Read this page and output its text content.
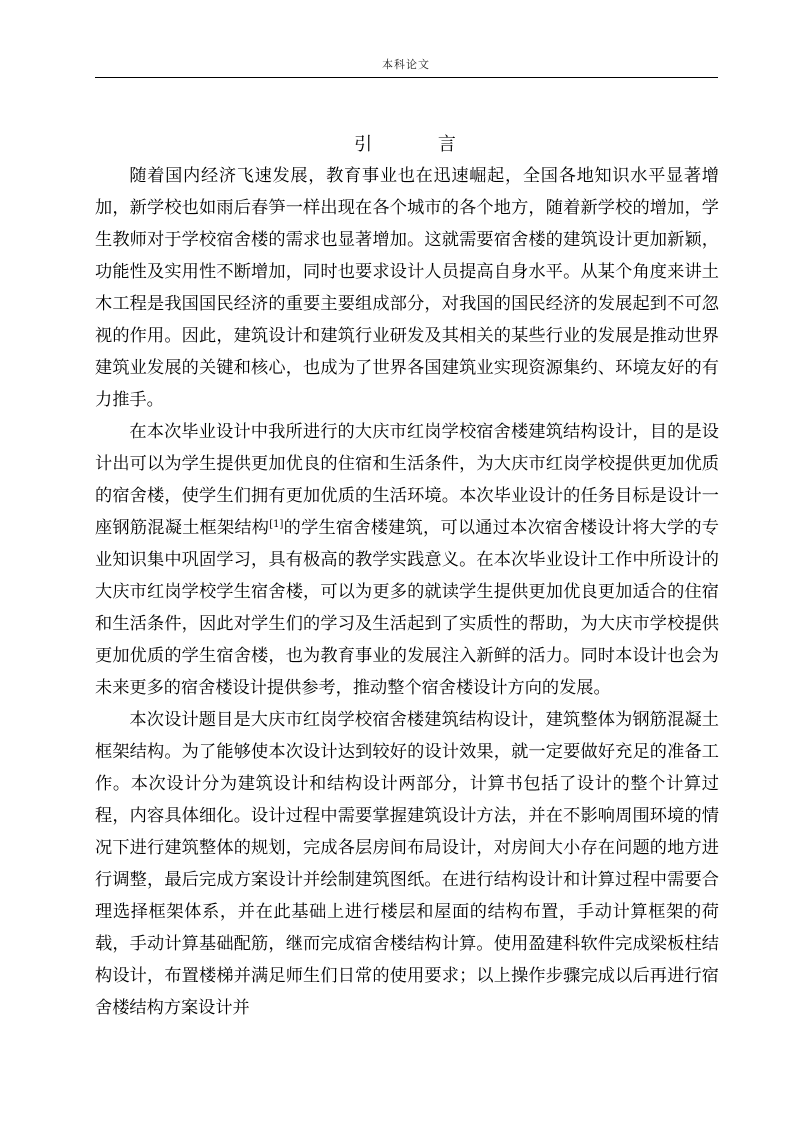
本科论文
引 言

随着国内经济飞速发展，教育事业也在迅速崛起，全国各地知识水平显著增加，新学校也如雨后春笋一样出现在各个城市的各个地方，随着新学校的增加，学生教师对于学校宿舍楼的需求也显著增加。这就需要宿舍楼的建筑设计更加新颖，功能性及实用性不断增加，同时也要求设计人员提高自身水平。从某个角度来讲土木工程是我国国民经济的重要主要组成部分，对我国的国民经济的发展起到不可忽视的作用。因此，建筑设计和建筑行业研发及其相关的某些行业的发展是推动世界建筑业发展的关键和核心，也成为了世界各国建筑业实现资源集约、环境友好的有力推手。

在本次毕业设计中我所进行的大庆市红岗学校宿舍楼建筑结构设计，目的是设计出可以为学生提供更加优良的住宿和生活条件，为大庆市红岗学校提供更加优质的宿舍楼，使学生们拥有更加优质的生活环境。本次毕业设计的任务目标是设计一座钢筋混凝土框架结构[1]的学生宿舍楼建筑，可以通过本次宿舍楼设计将大学的专业知识集中巩固学习，具有极高的教学实践意义。在本次毕业设计工作中所设计的大庆市红岗学校学生宿舍楼，可以为更多的就读学生提供更加优良更加适合的住宿和生活条件，因此对学生们的学习及生活起到了实质性的帮助，为大庆市学校提供更加优质的学生宿舍楼，也为教育事业的发展注入新鲜的活力。同时本设计也会为未来更多的宿舍楼设计提供参考，推动整个宿舍楼设计方向的发展。

本次设计题目是大庆市红岗学校宿舍楼建筑结构设计，建筑整体为钢筋混凝土框架结构。为了能够使本次设计达到较好的设计效果，就一定要做好充足的准备工作。本次设计分为建筑设计和结构设计两部分，计算书包括了设计的整个计算过程，内容具体细化。设计过程中需要掌握建筑设计方法，并在不影响周围环境的情况下进行建筑整体的规划，完成各层房间布局设计，对房间大小存在问题的地方进行调整，最后完成方案设计并绘制建筑图纸。在进行结构设计和计算过程中需要合理选择框架体系，并在此基础上进行楼层和屋面的结构布置，手动计算框架的荷载，手动计算基础配筋，继而完成宿舍楼结构计算。使用盈建科软件完成梁板柱结构设计，布置楼梯并满足师生们日常的使用要求；以上操作步骤完成以后再进行宿舍楼结构方案设计并
